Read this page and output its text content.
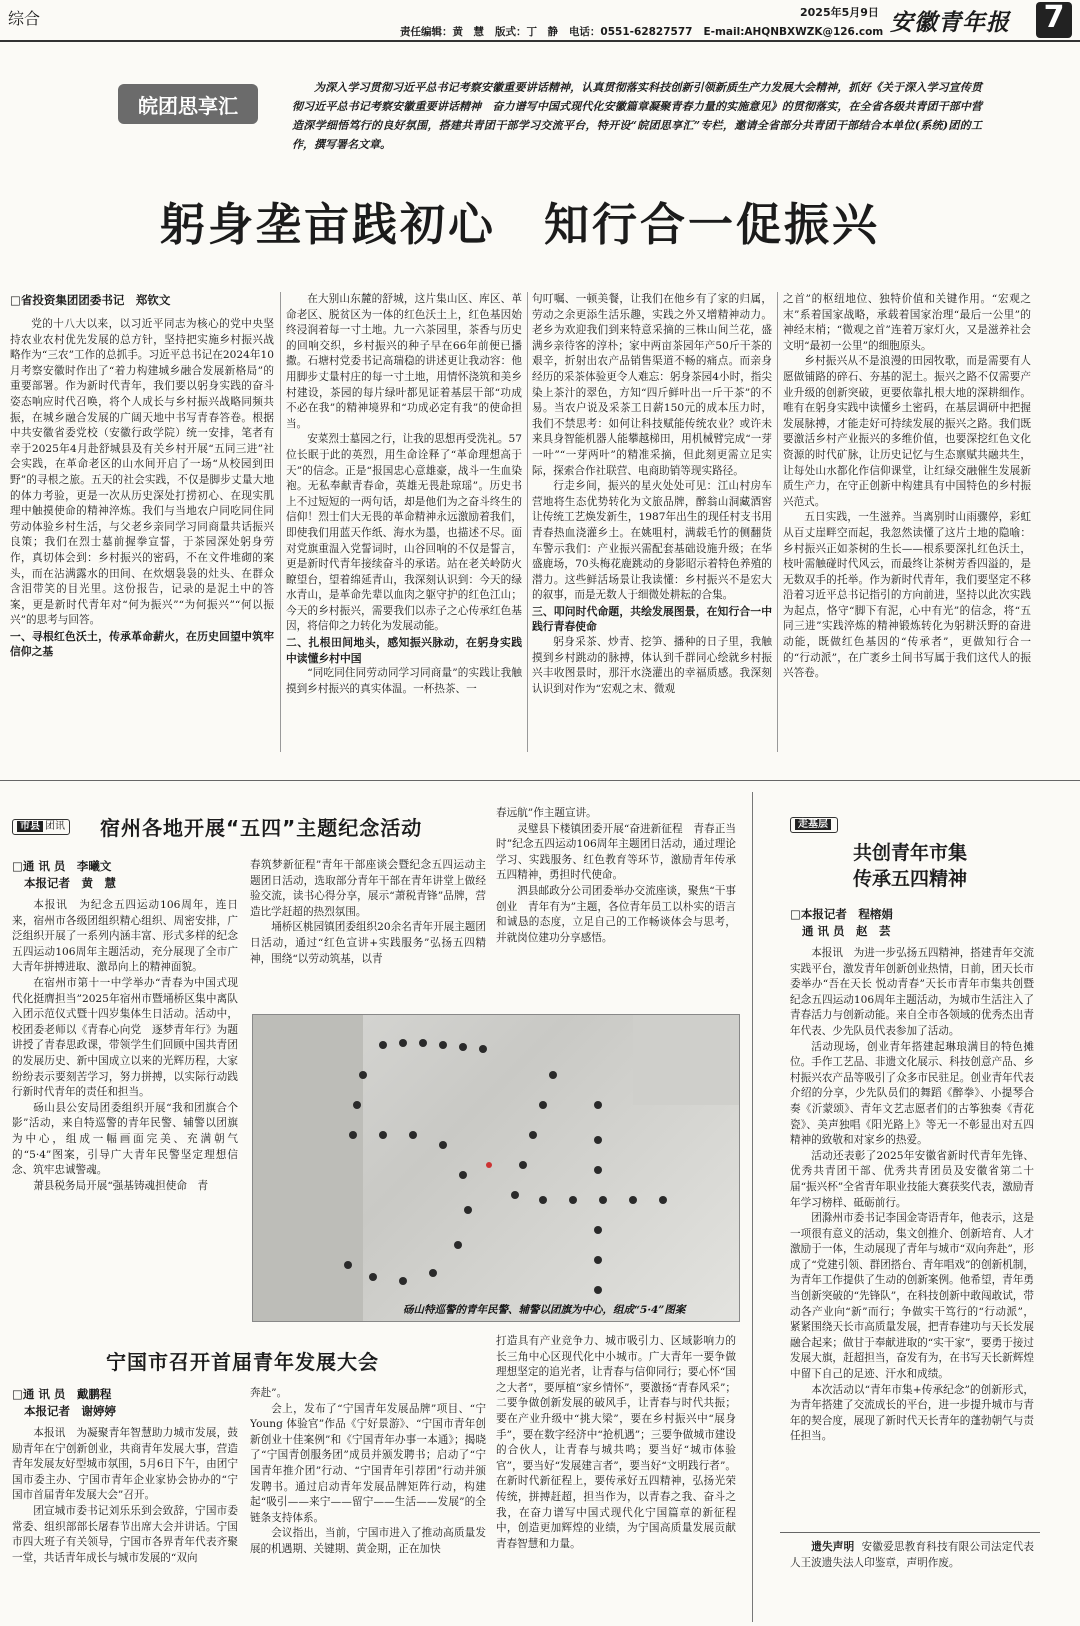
综合	2025年5月9日
责任编辑：黄　慧 版式：丁　静 电话：0551-62827577 E-mail:AHQNBXWZK@126.com 安徽青年报 7
皖团思享汇
为深入学习贯彻习近平总书记考察安徽重要讲话精神，认真贯彻落实科技创新引领新质生产力发展大会精神，抓好《关于深入学习宣传贯彻习近平总书记考察安徽重要讲话精神　奋力谱写中国式现代化安徽篇章凝聚青春力量的实施意见》的贯彻落实，在全省各级共青团干部中营造深学细悟笃行的良好氛围，搭建共青团干部学习交流平台，特开设“皖团思享汇”专栏，邀请全省部分共青团干部结合本单位(系统)团的工作，撰写署名文章。
躬身垄亩践初心　知行合一促振兴
□省投资集团团委书记　郑钦文

党的十八大以来，以习近平同志为核心的党中央坚持农业农村优先发展的总方针，坚持把实施乡村振兴战略作为“三农”工作的总抓手。习近平总书记在2024年10月考察安徽时作出了“着力构建城乡融合发展新格局”的重要部署。作为新时代青年，我们要以躬身实践的奋斗姿态响应时代召唤，将个人成长与乡村振兴战略同频共振，在城乡融合发展的广阔天地中书写青春答卷。根据中共安徽省委党校（安徽行政学院）统一安排，笔者有幸于2025年4月赴舒城县及有关乡村开展“五同三进”社会实践，在革命老区的山水间开启了一场“从校园到田野”的寻根之旅。五天的社会实践，不仅是脚步丈量大地的体力考验，更是一次从历史深处打捞初心、在现实肌理中触摸使命的精神淬炼。我们与当地农户同吃同住同劳动体验乡村生活，与父老乡亲同学习同商量共话振兴良策；我们在烈士墓前握拳宣誓，于茶园深处躬身劳作，真切体会到：乡村振兴的密码，不在文件堆砌的案头，而在沾满露水的田间、在炊烟袅袅的灶头、在群众含泪带笑的目光里。这份报告，记录的是泥土中的答案，更是新时代青年对“何为振兴”“为何振兴”“何以振兴”的思考与回答。

一、寻根红色沃土，传承革命薪火，在历史回望中筑牢信仰之基

在大别山东麓的舒城，这片集山区、库区、革命老区、脱贫区为一体的红色沃土上，红色基因始终浸润着每一寸土地。九一六茶园里，茶香与历史的回响交织，乡村振兴的种子早在66年前便已播撒。石塘村党委书记高瑞稳的讲述更让我动容：他用脚步丈量村庄的每一寸土地，用情怀浇筑和美乡村建设，茶园的每片绿叶都见证着基层干部“功成不必在我”的精神境界和“功成必定有我”的使命担当。

安菜烈士墓园之行，让我的思想再受洗礼。57位长眠于此的英烈，用生命诠释了“革命理想高于天”的信念。正是“报国忠心意雄豪，战斗一生血染袍。无私奉献青春命，英雄无畏赴琼瑶”。历史书上不过短短的一两句话，却是他们为之奋斗终生的信仰！烈士们大无畏的革命精神永远激励着我们，即使我们用蓝天作纸、海水为墨，也描述不尽。面对党旗重温入党誓词时，山谷回响的不仅是誓言，更是新时代青年接续奋斗的承诺。站在老关岭防火瞭望台，望着绵延青山，我深刻认识到：今天的绿水青山，是革命先辈以血肉之躯守护的红色江山；今天的乡村振兴，需要我们以赤子之心传承红色基因，将信仰之力转化为发展动能。

二、扎根田间地头，感知振兴脉动，在躬身实践中读懂乡村中国

“同吃同住同劳动同学习同商量”的实践让我触摸到乡村振兴的真实体温。一杯热茶、一

句叮嘱、一顿美餐，让我们在他乡有了家的归属，劳动之余更添生活乐趣，实践之外又增精神动力。老乡为欢迎我们到来特意采摘的三株山间兰花，盛满乡亲待客的淳朴；家中两亩茶园年产50斤干茶的艰辛，折射出农产品销售渠道不畅的痛点。而亲身经历的采茶体验更令人难忘：躬身茶园4小时，指尖染上茶汁的翠色，方知“四斤鲜叶出一斤干茶”的不易。当农户说及采茶工日薪150元的成本压力时，我们不禁思考：如何让科技赋能传统农业？或许未来具身智能机器人能攀越梯田，用机械臂完成“一芽一叶”“一芽两叶”的精准采摘，但此刻更需立足实际，探索合作社联营、电商助销等现实路径。

行走乡间，振兴的星火处处可见：江山村房车营地将生态优势转化为文旅品牌，醉翁山洞藏酒窖让传统工艺焕发新生，1987年出生的现任村支书用青春热血浇灌乡土。在姚咀村，满载毛竹的侧翻货车警示我们：产业振兴需配套基础设施升级；在华盛鹿场，70头梅花鹿跳动的身影昭示着特色养殖的潜力。这些鲜活场景让我读懂：乡村振兴不是宏大的叙事，而是无数人于细微处耕耘的合集。

三、叩问时代命题，共绘发展图景，在知行合一中践行青春使命

躬身采茶、炒青、挖笋、播种的日子里，我触摸到乡村跳动的脉搏，体认到千群同心绘就乡村振兴丰收图景时，那汗水浇灌出的幸福质感。我深刻认识到对作为“宏观之末、微观

之首”的枢纽地位、独特价值和关键作用。“宏观之末”系着国家战略，承载着国家治理“最后一公里”的神经末梢；“微观之首”连着万家灯火，又是滋养社会文明“最初一公里”的细胞原头。

乡村振兴从不是浪漫的田园牧歌，而是需要有人愿做铺路的碎石、夯基的泥土。振兴之路不仅需要产业升级的创新突破，更要依靠扎根大地的深耕细作。唯有在躬身实践中读懂乡土密码，在基层调研中把握发展脉搏，才能走好可持续发展的振兴之路。我们既要激活乡村产业振兴的多维价值，也要深挖红色文化资源的时代矿脉，让历史记忆与生态禀赋共融共生，让每处山水都化作信仰课堂，让红绿交融催生发展新质生产力，在守正创新中构建具有中国特色的乡村振兴范式。

五日实践，一生滋养。当离别时山雨骤停，彩虹从百丈崖畔空而起，我忽然读懂了这片土地的隐喻：乡村振兴正如茶树的生长——根系要深扎红色沃土，枝叶需触碰时代风云，而最终让茶树芳香四溢的，是无数双手的托举。作为新时代青年，我们要坚定不移沿着习近平总书记指引的方向前进，坚持以此次实践为起点，恪守“脚下有泥，心中有光”的信念，将“五同三进”实践淬炼的精神锻炼转化为躬耕沃野的奋进动能，既做红色基因的“传承者”，更做知行合一的“行动派”，在广袤乡土间书写属于我们这代人的振兴答卷。

市县 团讯 宿州各地开展“五四”主题纪念活动
□通 讯 员　李曦文
本报记者　黄　慧

本报讯　为纪念五四运动106周年，连日来，宿州市各级团组织精心组织、周密安排，广泛组织开展了一系列内涵丰富、形式多样的纪念五四运动106周年主题活动，充分展现了全市广大青年拼搏进取、激昂向上的精神面貌。

在宿州市第十一中学举办“青春为中国式现代化挺膺担当”2025年宿州市暨埇桥区集中离队入团示范仪式暨十四岁集体生日活动。活动中，校团委老师以《青春心向党　逐梦青年行》为题讲授了青春思政课，带领学生们回顾中国共青团的发展历史、新中国成立以来的光辉历程，大家纷纷表示要刻苦学习，努力拼搏，以实际行动践行新时代青年的责任和担当。

砀山县公安局团委组织开展“我和团旗合个影”活动，来自特巡警的青年民警、辅警以团旗为中心，组成一幅画面完美、充满朝气的“5·4”图案，引导广大青年民警坚定理想信念、筑牢忠诚警魂。

萧县税务局开展“强基铸魂担使命　青

春筑梦新征程”青年干部座谈会暨纪念五四运动主题团日活动，选取部分青年干部在青年讲堂上做经验交流，读书心得分享，展示“萧税青锋”品牌，营造比学赶超的热烈氛围。

埇桥区桃园镇团委组织20余名青年开展主题团日活动，通过“红色宣讲+实践服务”弘扬五四精神，围绕“以劳动筑基，以青

春远航”作主题宣讲。

灵璧县下楼镇团委开展“奋进新征程　青春正当时”纪念五四运动106周年主题团日活动，通过理论学习、实践服务、红色教育等环节，激励青年传承五四精神，勇担时代使命。

泗县邮政分公司团委举办交流座谈，聚焦“干事创业　青年有为”主题，各位青年员工以朴实的语言和诚恳的态度，立足自己的工作畅谈体会与思考，并就岗位建功分享感悟。

砀山特巡警的青年民警、辅警以团旗为中心，组成“5·4”图案
宁国市召开首届青年发展大会
□通 讯 员　戴鹏程
本报记者　谢婷婷

本报讯　为凝聚青年智慧助力城市发展，鼓励青年在宁创新创业，共商青年发展大事，营造青年发展友好型城市氛围，5月6日下午，由团宁国市委主办、宁国市青年企业家协会协办的“宁国市首届青年发展大会”召开。

团宣城市委书记刘乐乐到会致辞，宁国市委常委、组织部部长屠春节出席大会并讲话。宁国市四大班子有关领导，宁国市各界青年代表齐聚一堂，共话青年成长与城市发展的“双向

奔赴”。

会上，发布了“宁国青年发展品牌”项目、“宁 Young 体验官”作品《宁好景游》、“宁国市青年创新创业十佳案例”和《宁国青年办事一本通》；揭晓了“宁国青创服务团”成员并颁发聘书；启动了“宁国青年推介团”行动、“宁国青年引荐团”行动并颁发聘书。通过启动青年发展品牌矩阵行动，构建起“吸引——来宁——留宁——生活——发展”的全链条支持体系。

会议指出，当前，宁国市进入了推动高质量发展的机遇期、关键期、黄金期，正在加快

打造具有产业竞争力、城市吸引力、区域影响力的长三角中心区现代化中小城市。广大青年一要争做理想坚定的追光者，让青春与信仰同行；要心怀“国之大者”，要厚植“家乡情怀”，要激扬“青春风采”；二要争做创新发展的破风手，让青春与时代共振；要在产业升级中“挑大梁”，要在乡村振兴中“展身手”，要在数字经济中“抢机遇”；三要争做城市建设的合伙人，让青春与城共鸣；要当好“城市体验官”，要当好“发展建言者”，要当好“文明践行者”。在新时代新征程上，要传承好五四精神，弘扬光荣传统，拼搏赶超，担当作为，以青春之我、奋斗之我，在奋力谱写中国式现代化宁国篇章的新征程中，创造更加辉煌的业绩，为宁国高质量发展贡献青春智慧和力量。

走基层
共创青年市集
传承五四精神
□本报记者　程榕娟
通 讯 员　赵　芸

本报讯　为进一步弘扬五四精神，搭建青年交流实践平台，激发青年创新创业热情，日前，团天长市委举办“吾在天长 悦动青春”天长市青年市集共创暨纪念五四运动106周年主题活动，为城市生活注入了青春活力与创新动能。来自全市各领域的优秀杰出青年代表、少先队员代表参加了活动。

活动现场，创业青年搭建起琳琅满目的特色摊位。手作工艺品、非遗文化展示、科技创意产品、乡村振兴农产品等吸引了众多市民驻足。创业青年代表介绍的分享，少先队员们的舞蹈《醉拳》、小提琴合奏《沂蒙颂》、青年文艺志愿者们的古筝独奏《青花瓷》、美声独唱《阳光路上》等无一不彰显出对五四精神的致敬和对家乡的热爱。

活动还表彰了2025年安徽省新时代青年先锋、优秀共青团干部、优秀共青团员及安徽省第二十届“振兴杯”全省青年职业技能大赛获奖代表，激励青年学习榜样、砥砺前行。

团滁州市委书记李国金寄语青年，他表示，这是一项很有意义的活动，集文创推介、创新培育、人才激励于一体，生动展现了青年与城市“双向奔赴”，形成了“党建引领、群团搭台、青年唱戏”的创新机制，为青年工作提供了生动的创新案例。他希望，青年勇当创新突破的“先锋队”，在科技创新中敢闯敢试，带动各产业向“新”而行；争做实干笃行的“行动派”，紧紧围绕天长市高质量发展，把青春建功与天长发展融合起来；做甘于奉献进取的“实干家”，要勇于接过发展大旗，赶超担当，奋发有为，在书写天长新辉煌中留下自己的足迹、汗水和成绩。

本次活动以“青年市集+传承纪念”的创新形式，为青年搭建了交流成长的平台，进一步提升城市与青年的契合度，展现了新时代天长青年的蓬勃朝气与责任担当。

遗失声明 安徽爱思教育科技有限公司法定代表人王波遗失法人印鉴章，声明作废。
